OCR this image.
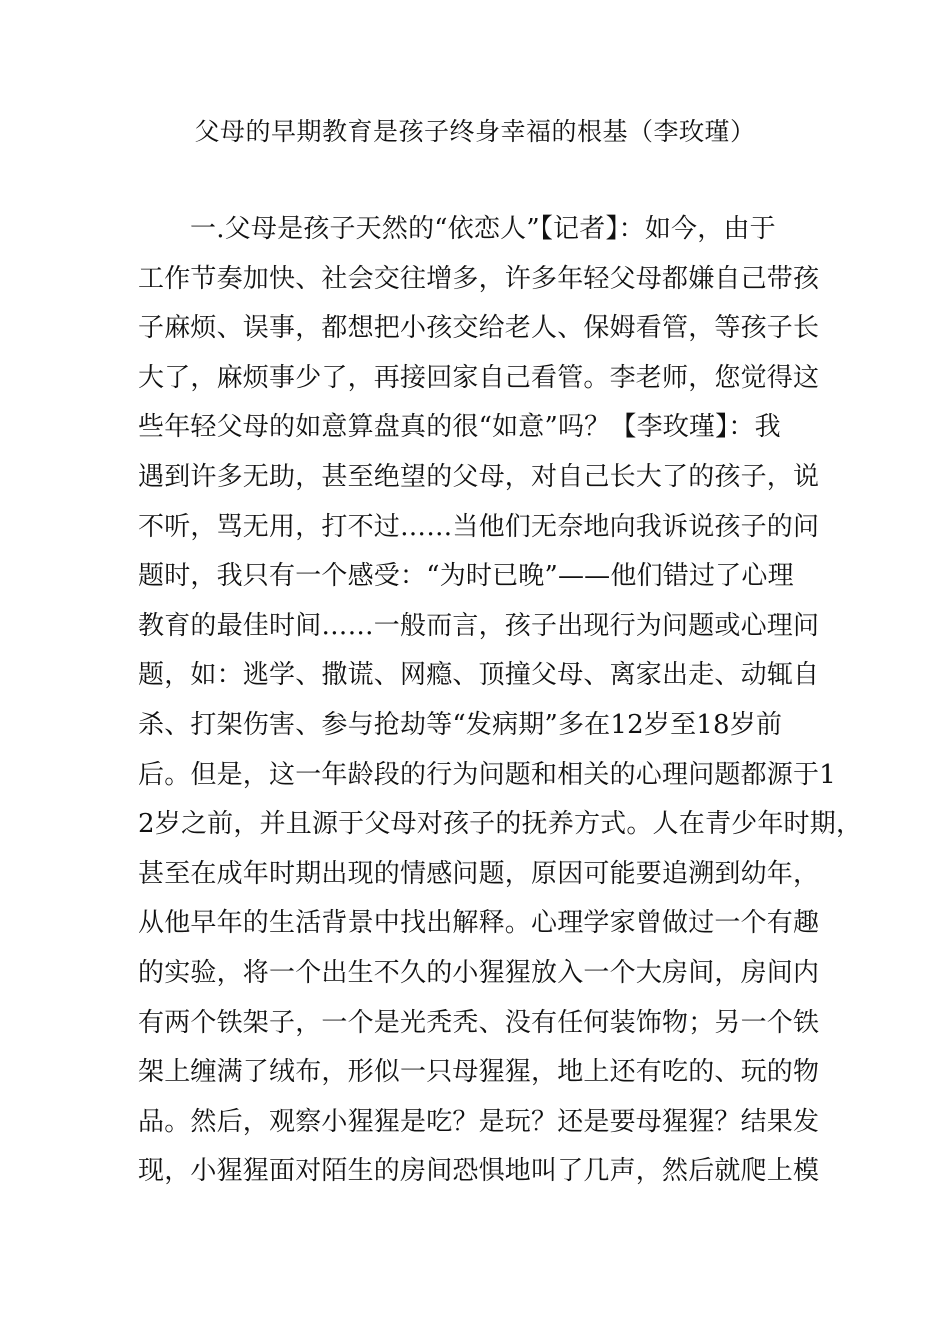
父母的早期教育是孩子终身幸福的根基（李玫瑾）
一.父母是孩子天然的“依恋人”【记者】：如今，由于
工作节奏加快、社会交往增多，许多年轻父母都嫌自己带孩
子麻烦、误事，都想把小孩交给老人、保姆看管，等孩子长
大了，麻烦事少了，再接回家自己看管。李老师，您觉得这
些年轻父母的如意算盘真的很“如意”吗？【李玫瑾】：我
遇到许多无助，甚至绝望的父母，对自己长大了的孩子，说
不听，骂无用，打不过……当他们无奈地向我诉说孩子的问
题时，我只有一个感受：“为时已晚”——他们错过了心理
教育的最佳时间……一般而言，孩子出现行为问题或心理问
题，如：逃学、撒谎、网瘾、顶撞父母、离家出走、动辄自
杀、打架伤害、参与抢劫等“发病期”多在12岁至18岁前
后。但是，这一年龄段的行为问题和相关的心理问题都源于1
2岁之前，并且源于父母对孩子的抚养方式。人在青少年时期，
甚至在成年时期出现的情感问题，原因可能要追溯到幼年，
从他早年的生活背景中找出解释。心理学家曾做过一个有趣
的实验，将一个出生不久的小猩猩放入一个大房间，房间内
有两个铁架子，一个是光秃秃、没有任何装饰物；另一个铁
架上缠满了绒布，形似一只母猩猩，地上还有吃的、玩的物
品。然后，观察小猩猩是吃？是玩？还是要母猩猩？结果发
现，小猩猩面对陌生的房间恐惧地叫了几声，然后就爬上模
